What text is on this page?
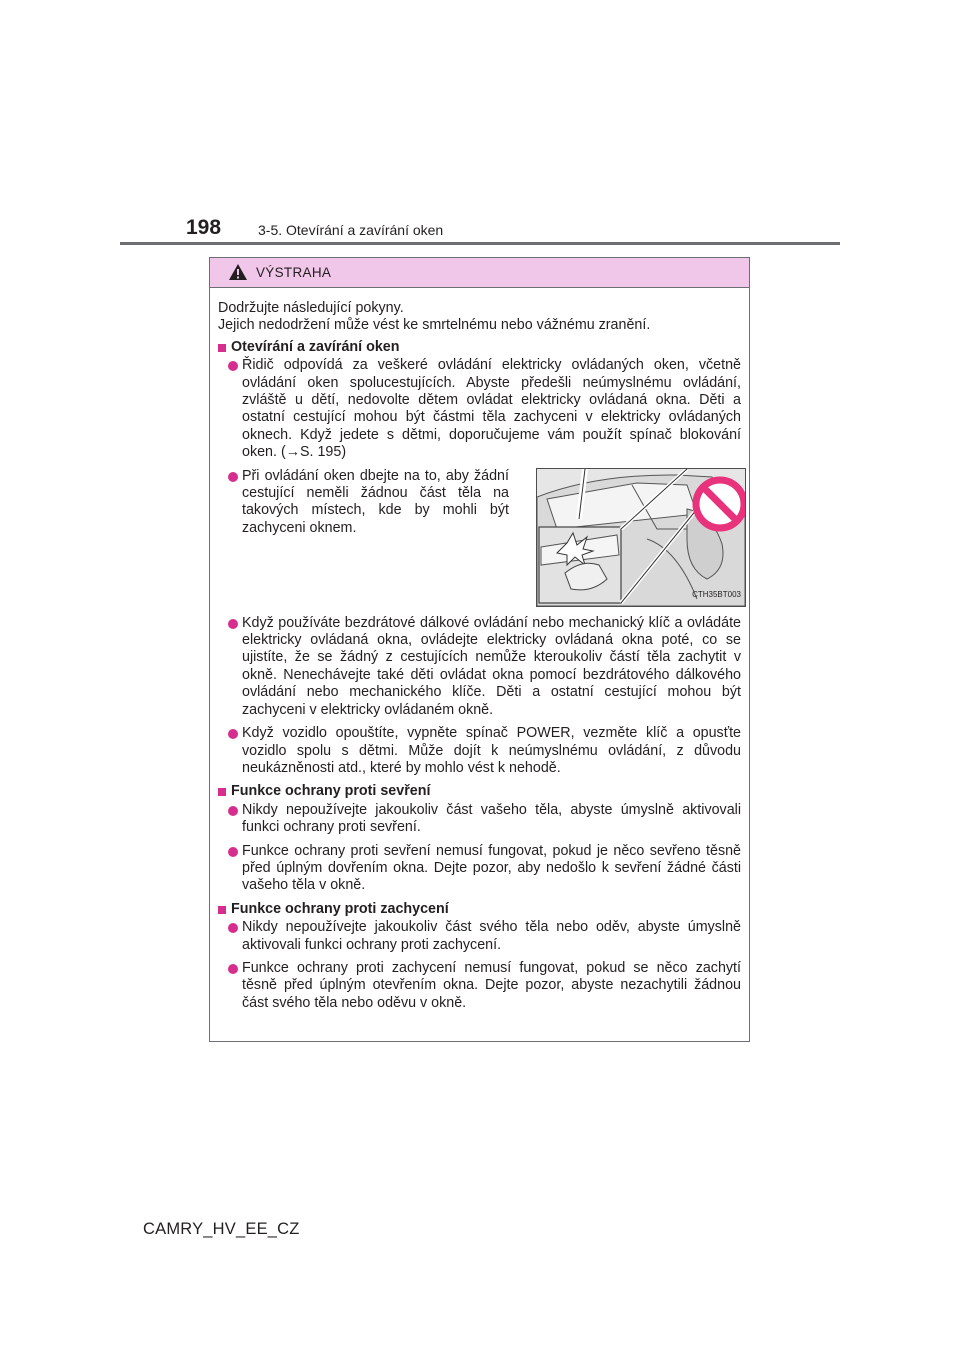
198	3-5. Otevírání a zavírání oken
VÝSTRAHA

Dodržujte následující pokyny.
Jejich nedodržení může vést ke smrtelnému nebo vážnému zranění.

Otevírání a zavírání oken
Řidič odpovídá za veškeré ovládání elektricky ovládaných oken, včetně ovládání oken spolucestujících. Abyste předešli neúmyslnému ovládání, zvláště u dětí, nedovolte dětem ovládat elektricky ovládaná okna. Děti a ostatní cestující mohou být částmi těla zachyceni v elektricky ovládaných oknech. Když jedete s dětmi, doporučujeme vám použít spínač blokování oken. (→S. 195)
Při ovládání oken dbejte na to, aby žádní cestující neměli žádnou část těla na takových místech, kde by mohli být zachyceni oknem.
CTH35BT003
Když používáte bezdrátové dálkové ovládání nebo mechanický klíč a ovládáte elektricky ovládaná okna, ovládejte elektricky ovládaná okna poté, co se ujistíte, že se žádný z cestujících nemůže kteroukoliv částí těla zachytit v okně. Nenechávejte také děti ovládat okna pomocí bezdrátového dálkového ovládání nebo mechanického klíče. Děti a ostatní cestující mohou být zachyceni v elektricky ovládaném okně.
Když vozidlo opouštíte, vypněte spínač POWER, vezměte klíč a opusťte vozidlo spolu s dětmi. Může dojít k neúmyslnému ovládání, z důvodu neukázněnosti atd., které by mohlo vést k nehodě.
Funkce ochrany proti sevření
Nikdy nepoužívejte jakoukoliv část vašeho těla, abyste úmyslně aktivovali funkci ochrany proti sevření.
Funkce ochrany proti sevření nemusí fungovat, pokud je něco sevřeno těsně před úplným dovřením okna. Dejte pozor, aby nedošlo k sevření žádné části vašeho těla v okně.
Funkce ochrany proti zachycení
Nikdy nepoužívejte jakoukoliv část svého těla nebo oděv, abyste úmyslně aktivovali funkci ochrany proti zachycení.
Funkce ochrany proti zachycení nemusí fungovat, pokud se něco zachytí těsně před úplným otevřením okna. Dejte pozor, abyste nezachytili žádnou část svého těla nebo oděvu v okně.
CAMRY_HV_EE_CZ
